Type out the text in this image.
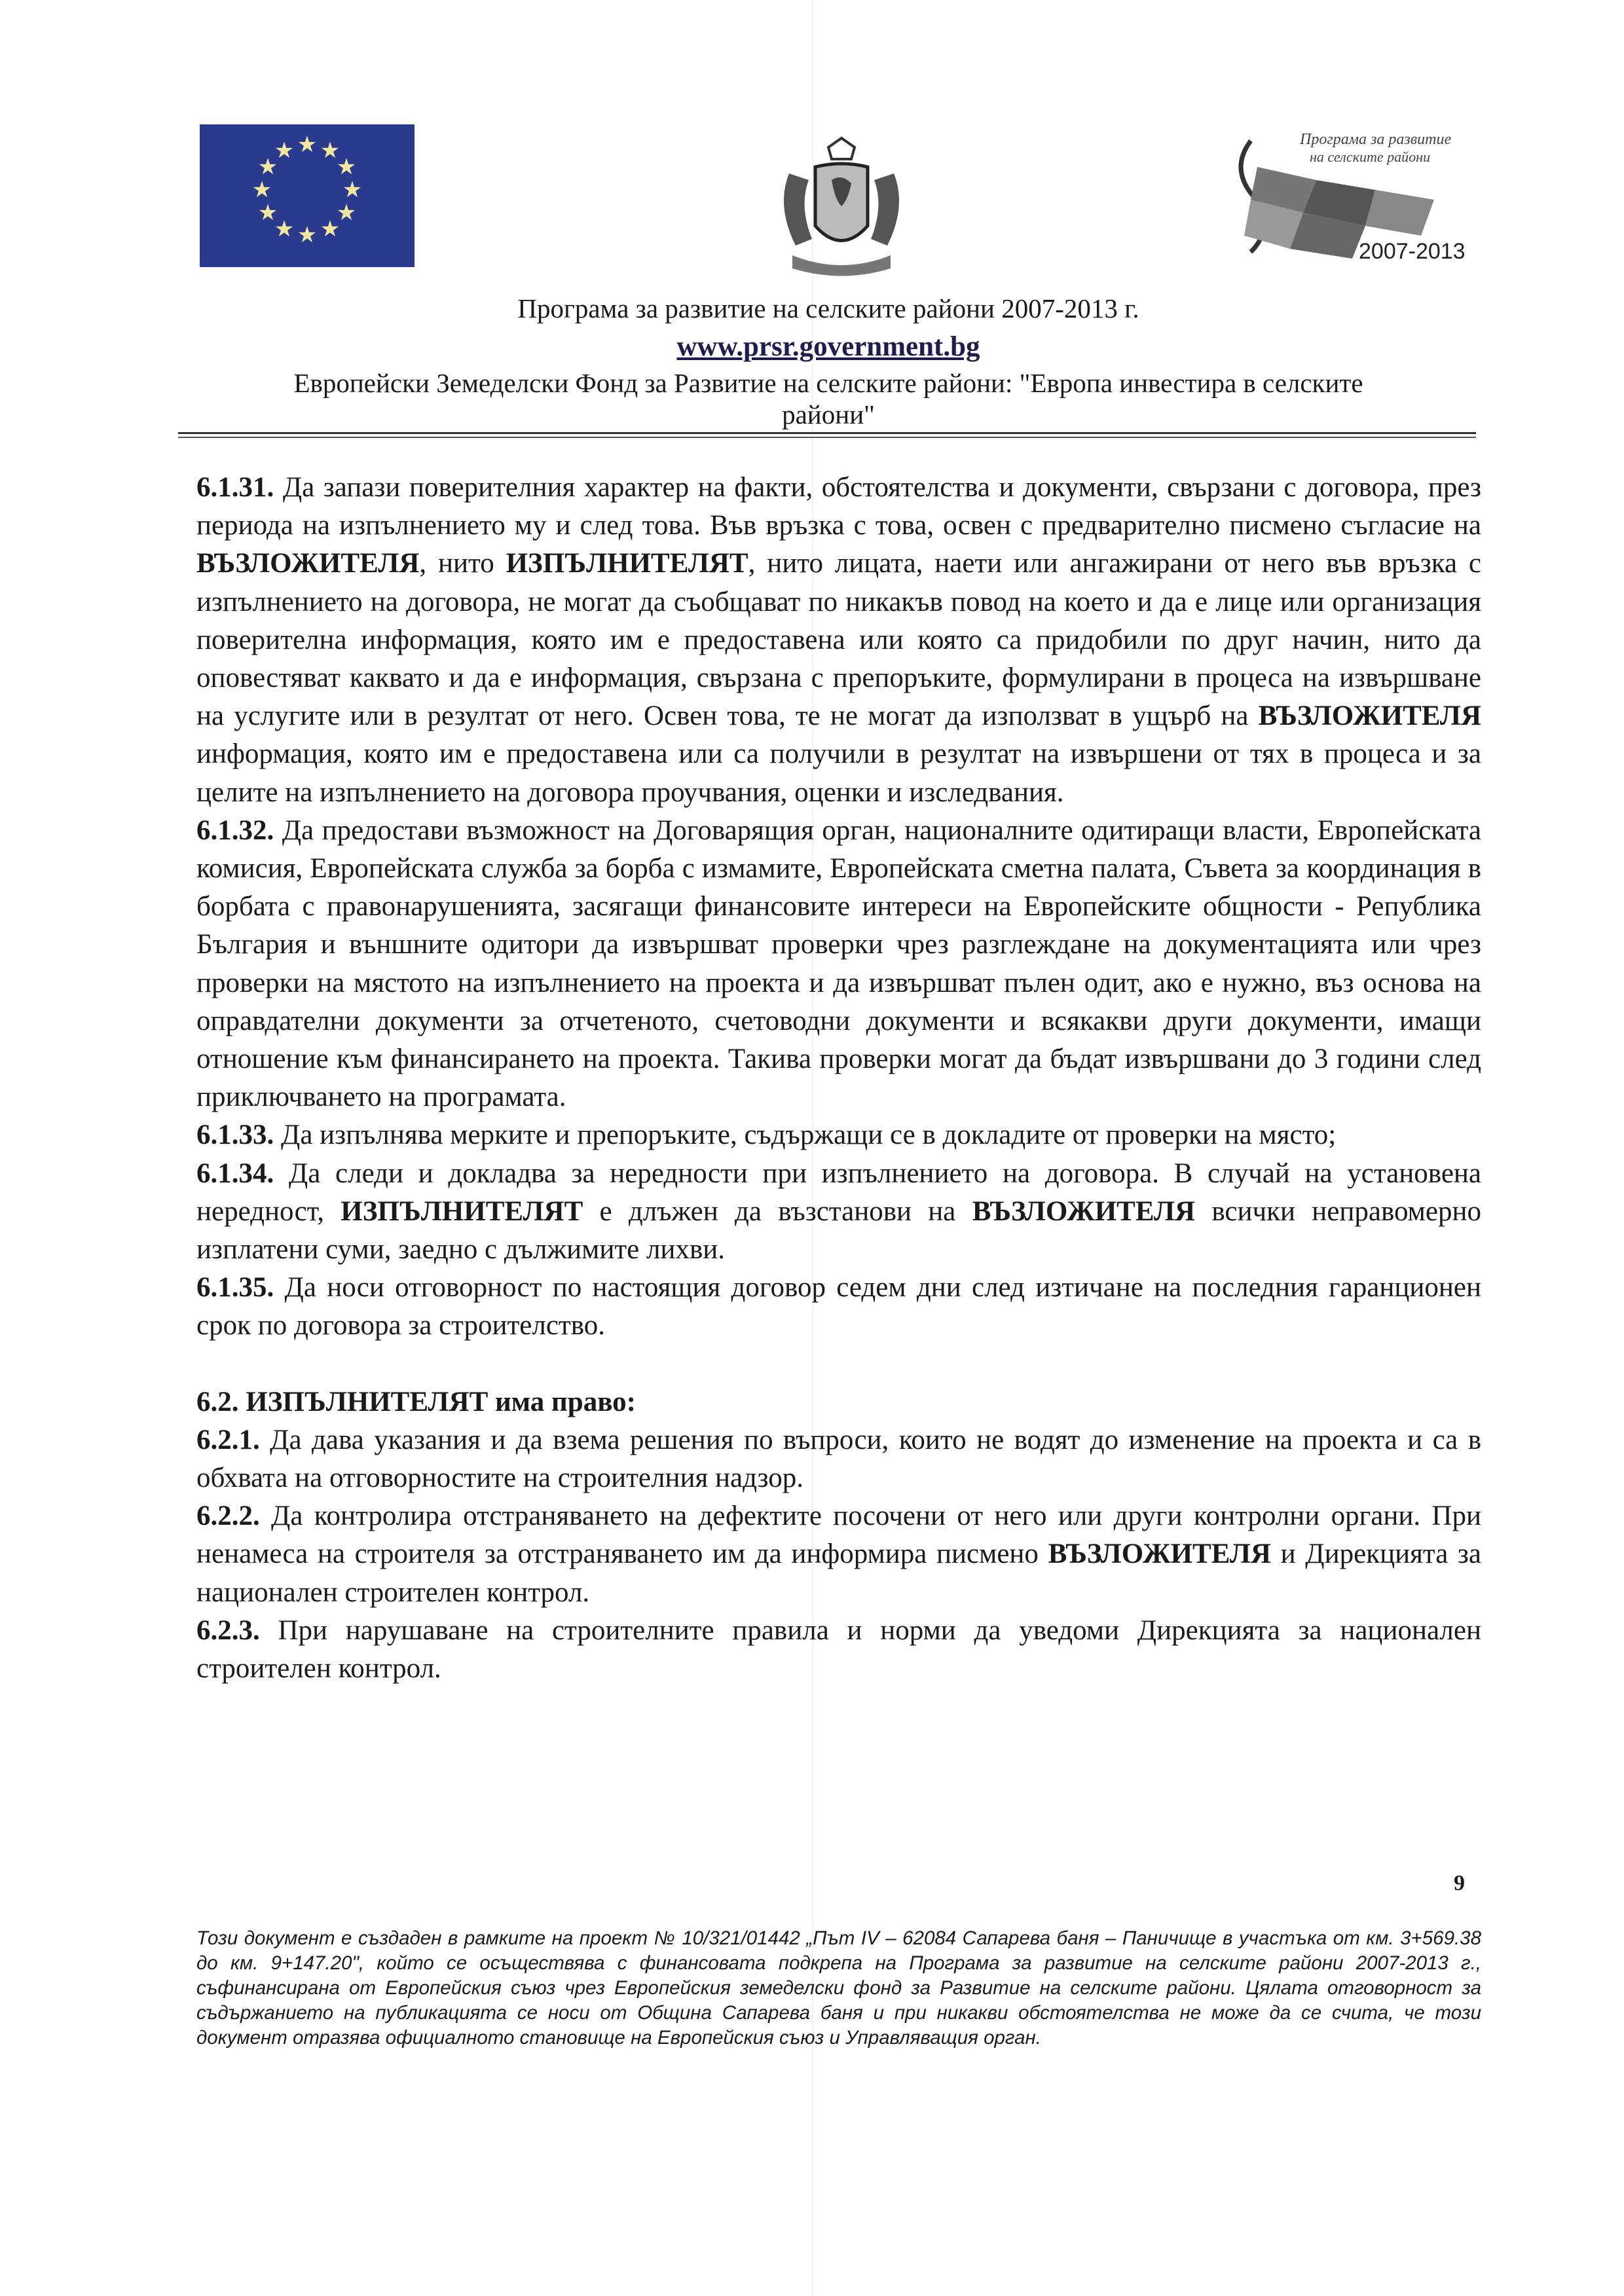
★ ★
★
★
★
★
★
★
★
★
★
★	Програма за развитие
на селските райони
2007-2013
Програма за развитие на селските райони 2007-2013 г.
www.prsr.government.bg
Европейски Земеделски Фонд за Развитие на селските райони: "Европа инвестира в селските
райони"

6.1.31. Да запази поверителния характер на факти, обстоятелства и документи, свързани с договора, през периода на изпълнението му и след това. Във връзка с това, освен с предварително писмено съгласие на ВЪЗЛОЖИТЕЛЯ, нито ИЗПЪЛНИТЕЛЯТ, нито лицата, наети или ангажирани от него във връзка с изпълнението на договора, не могат да съобщават по никакъв повод на което и да е лице или организация поверителна информация, която им е предоставена или която са придобили по друг начин, нито да оповестяват каквато и да е информация, свързана с препоръките, формулирани в процеса на извършване на услугите или в резултат от него. Освен това, те не могат да използват в ущърб на ВЪЗЛОЖИТЕЛЯ информация, която им е предоставена или са получили в резултат на извършени от тях в процеса и за целите на изпълнението на договора проучвания, оценки и изследвания.

6.1.32. Да предостави възможност на Договарящия орган, националните одитиращи власти, Европейската комисия, Европейската служба за борба с измамите, Европейската сметна палата, Съвета за координация в борбата с правонарушенията, засягащи финансовите интереси на Европейските общности - Република България и външните одитори да извършват проверки чрез разглеждане на документацията или чрез проверки на мястото на изпълнението на проекта и да извършват пълен одит, ако е нужно, въз основа на оправдателни документи за отчетеното, счетоводни документи и всякакви други документи, имащи отношение към финансирането на проекта. Такива проверки могат да бъдат извършвани до 3 години след приключването на програмата.

6.1.33. Да изпълнява мерките и препоръките, съдържащи се в докладите от проверки на място;

6.1.34. Да следи и докладва за нередности при изпълнението на договора. В случай на установена нередност, ИЗПЪЛНИТЕЛЯТ е длъжен да възстанови на ВЪЗЛОЖИТЕЛЯ всички неправомерно изплатени суми, заедно с дължимите лихви.

6.1.35. Да носи отговорност по настоящия договор седем дни след изтичане на последния гаранционен срок по договора за строителство.

6.2. ИЗПЪЛНИТЕЛЯТ има право:

6.2.1. Да дава указания и да взема решения по въпроси, които не водят до изменение на проекта и са в обхвата на отговорностите на строителния надзор.

6.2.2. Да контролира отстраняването на дефектите посочени от него или други контролни органи. При ненамеса на строителя за отстраняването им да информира писмено ВЪЗЛОЖИТЕЛЯ и Дирекцията за национален строителен контрол.

6.2.3. При нарушаване на строителните правила и норми да уведоми Дирекцията за национален строителен контрол.

9
Този документ е създаден в рамките на проект № 10/321/01442 „Път IV – 62084 Сапарева баня – Паничище в участъка от км. 3+569.38 до км. 9+147.20", който се осъществява с финансовата подкрепа на Програма за развитие на селските райони 2007-2013 г., съфинансирана от Европейския съюз чрез Европейския земеделски фонд за Развитие на селските райони. Цялата отговорност за съдържанието на публикацията се носи от Община Сапарева баня и при никакви обстоятелства не може да се счита, че този документ отразява официалното становище на Европейския съюз и Управляващия орган.
